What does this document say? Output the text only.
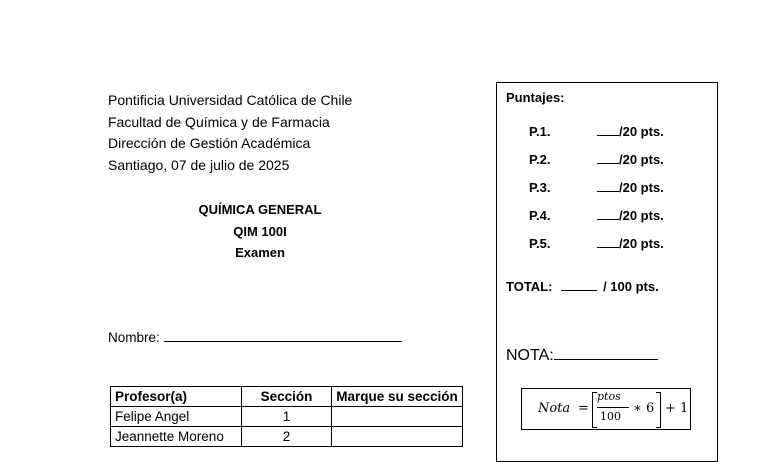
Pontificia Universidad Católica de Chile
Facultad de Química y de Farmacia
Dirección de Gestión Académica
Santiago, 07 de julio de 2025
QUÍMICA GENERAL
QIM 100I
Examen
Nombre:
Profesor(a)	Sección	Marque su sección
Felipe Angel	1	
Jeannette Moreno	2	
Puntajes:
P.1.	/20 pts.
P.2.	/20 pts.
P.3.	/20 pts.
P.4.	/20 pts.
P.5.	/20 pts.
TOTAL:	/ 100 pts.
NOTA:
Nota =
ptos
100
∗ 6 + 1
